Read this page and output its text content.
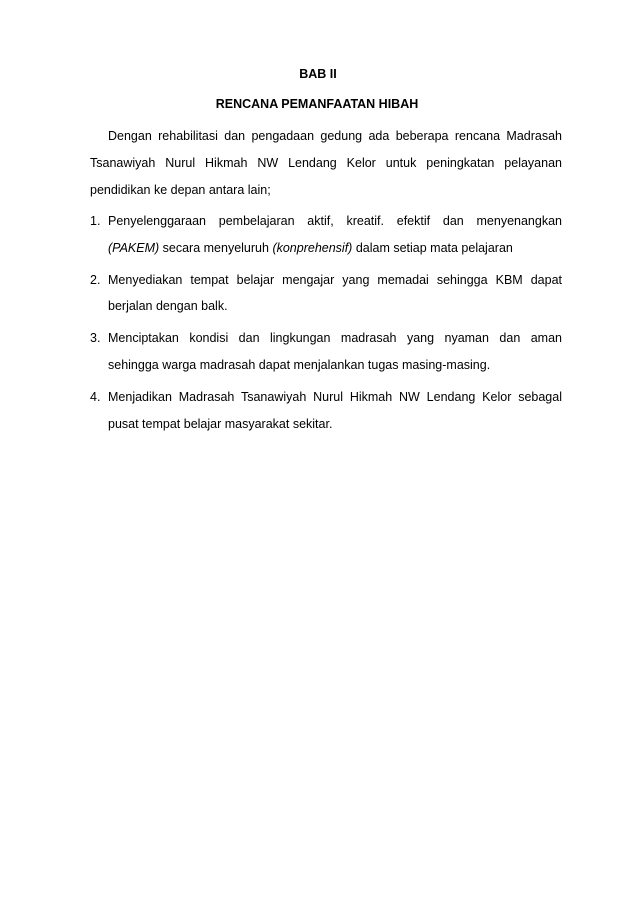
BAB II
RENCANA PEMANFAATAN HIBAH
Dengan rehabilitasi dan pengadaan gedung ada beberapa rencana Madrasah
Tsanawiyah Nurul Hikmah NW Lendang Kelor untuk peningkatan pelayanan
pendidikan ke depan antara lain;
1. Penyelenggaraan pembelajaran aktif, kreatif. efektif dan menyenangkan
(PAKEM) secara menyeluruh (konprehensif) dalam setiap mata pelajaran
2. Menyediakan tempat belajar mengajar yang memadai sehingga KBM dapat
berjalan dengan balk.
3. Menciptakan kondisi dan lingkungan madrasah yang nyaman dan aman
sehingga warga madrasah dapat menjalankan tugas masing-masing.
4. Menjadikan Madrasah Tsanawiyah Nurul Hikmah NW Lendang Kelor sebagal
pusat tempat belajar masyarakat sekitar.
